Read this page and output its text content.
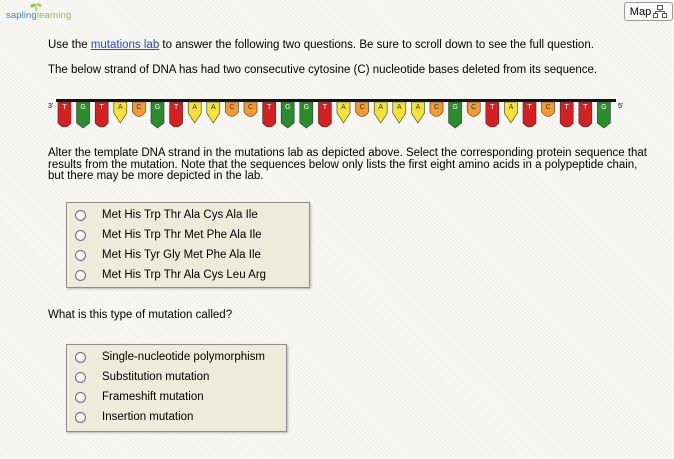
saplinglearning	Map
Use the mutations lab to answer the following two questions. Be sure to scroll down to see the full question.
The below strand of DNA has had two consecutive cytosine (C) nucleotide bases deleted from its sequence.
3' T G T A C G T A A C C T G G T A C A A A C G C T A T C T T G 5'
Alter the template DNA strand in the mutations lab as depicted above. Select the corresponding protein sequence that results from the mutation. Note that the sequences below only lists the first eight amino acids in a polypeptide chain, but there may be more depicted in the lab.
Met His Trp Thr Ala Cys Ala Ile
Met His Trp Thr Met Phe Ala Ile
Met His Tyr Gly Met Phe Ala Ile
Met His Trp Thr Ala Cys Leu Arg
What is this type of mutation called?
Single-nucleotide polymorphism
Substitution mutation
Frameshift mutation
Insertion mutation
